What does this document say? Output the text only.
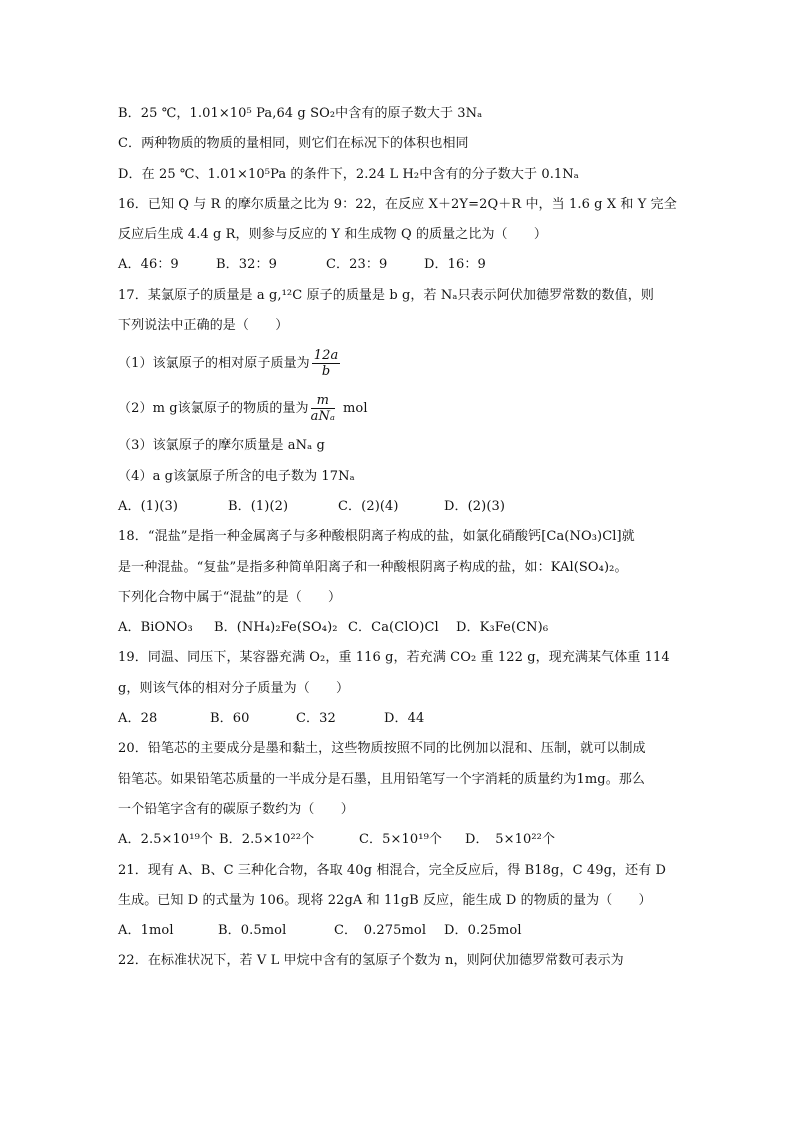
B．25 ℃，1.01×10⁵ Pa,64 g SO₂中含有的原子数大于 3Nₐ
C．两种物质的物质的量相同，则它们在标况下的体积也相同
D．在 25 ℃、1.01×10⁵Pa 的条件下，2.24 L H₂中含有的分子数大于 0.1Nₐ
16．已知 Q 与 R 的摩尔质量之比为 9：22，在反应 X＋2Y=2Q＋R 中，当 1.6 g X 和 Y 完全
反应后生成 4.4 g R，则参与反应的 Y 和生成物 Q 的质量之比为（　　）
A．46：9	B．32：9	C．23：9	D．16：9
17．某氯原子的质量是 a g,¹²C 原子的质量是 b g，若 Nₐ只表示阿伏加德罗常数的数值，则
下列说法中正确的是（　　）
（1）该氯原子的相对原子质量为 $\frac{12a}{b}$
（2）m g该氯原子的物质的量为 $\frac{m}{\text{aNₐ}}$ mol
（3）该氯原子的摩尔质量是 aNₐ g
（4）a g该氯原子所含的电子数为 17Nₐ
A．(1)(3)	B．(1)(2)	C．(2)(4)	D．(2)(3)
18．“混盐”是指一种金属离子与多种酸根阴离子构成的盐，如氯化硝酸钙[Ca(NO₃)Cl]就
是一种混盐。“复盐”是指多种简单阳离子和一种酸根阴离子构成的盐，如：KAl(SO₄)₂。
下列化合物中属于“混盐”的是（　　）
A．BiONO₃	B．(NH₄)₂Fe(SO₄)₂ C．Ca(ClO)Cl	D．K₃Fe(CN)₆
19．同温、同压下，某容器充满 O₂，重 116 g，若充满 CO₂ 重 122 g，现充满某气体重 114
g，则该气体的相对分子质量为（　　）
A．28	B．60	C．32	D．44
20．铅笔芯的主要成分是墨和黏土，这些物质按照不同的比例加以混和、压制，就可以制成
铅笔芯。如果铅笔芯质量的一半成分是石墨，且用铅笔写一个字消耗的质量约为1mg。那么
一个铅笔字含有的碳原子数约为（　　）
A．2.5×10¹⁹个 B．2.5×10²²个	C．5×10¹⁹个	D．　5×10²²个
21．现有 A、B、C 三种化合物，各取 40g 相混合，完全反应后，得 B18g，C 49g，还有 D
生成。已知 D 的式量为 106。现将 22gA 和 11gB 反应，能生成 D 的物质的量为（　　）
A．1mol	B．0.5mol	C．　0.275mol	D．0.25mol
22．在标准状况下，若 V L 甲烷中含有的氢原子个数为 n，则阿伏加德罗常数可表示为
